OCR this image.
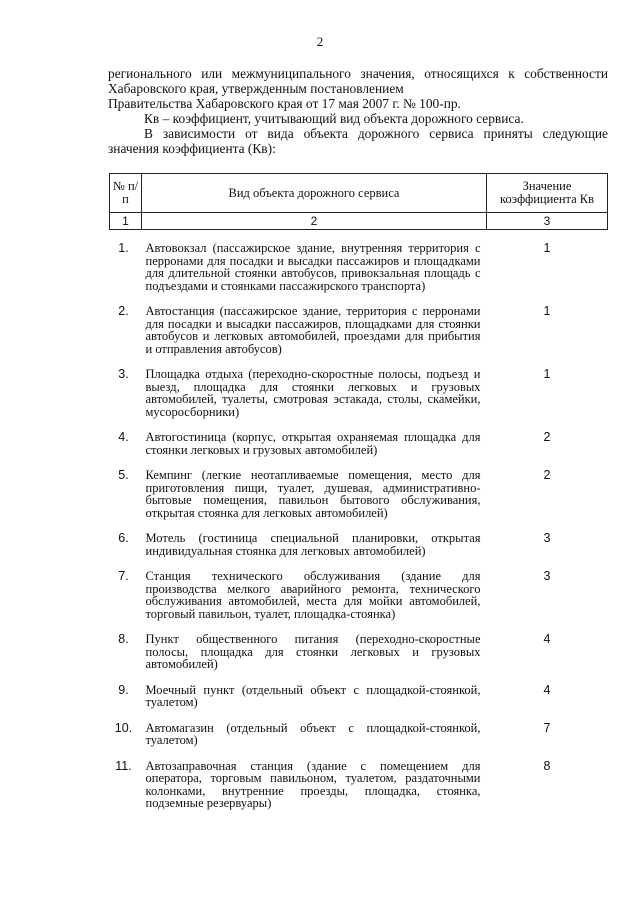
2

регионального или межмуниципального значения, относящихся к собственности Хабаровского края, утвержденным постановлением

Правительства Хабаровского края от 17 мая 2007 г. № 100-пр.

Кв – коэффициент, учитывающий вид объекта дорожного сервиса.

В зависимости от вида объекта дорожного сервиса приняты следующие значения коэффициента (Кв):

№ п/п	Вид объекта дорожного сервиса	Значение коэффициента Кв
1	2	3

1.	Автовокзал (пассажирское здание, внутренняя территория с перронами для посадки и высадки пассажиров и площадками для длительной стоянки автобусов, привокзальная площадь с подъездами и стоянками пассажирского транспорта)	1

2.	Автостанция (пассажирское здание, территория с перронами для посадки и высадки пассажиров, площадками для стоянки автобусов и легковых автомобилей, проездами для прибытия и отправления автобусов)	1

3.	Площадка отдыха (переходно-скоростные полосы, подъезд и выезд, площадка для стоянки легковых и грузовых автомобилей, туалеты, смотровая эстакада, столы, скамейки, мусоросборники)	1

4.	Автогостиница (корпус, открытая охраняемая площадка для стоянки легковых и грузовых автомобилей)	2

5.	Кемпинг (легкие неотапливаемые помещения, место для приготовления пищи, туалет, душевая, административно-бытовые помещения, павильон бытового обслуживания, открытая стоянка для легковых автомобилей)	2

6.	Мотель (гостиница специальной планировки, открытая индивидуальная стоянка для легковых автомобилей)	3

7.	Станция технического обслуживания (здание для производства мелкого аварийного ремонта, технического обслуживания автомобилей, места для мойки автомобилей, торговый павильон, туалет, площадка-стоянка)	3

8.	Пункт общественного питания (переходно-скоростные полосы, площадка для стоянки легковых и грузовых автомобилей)	4

9.	Моечный пункт (отдельный объект с площадкой-стоянкой, туалетом)	4

10.	Автомагазин (отдельный объект с площадкой-стоянкой, туалетом)	7

11.	Автозаправочная станция (здание с помещением для оператора, торговым павильоном, туалетом, раздаточными колонками, внутренние проезды, площадка, стоянка, подземные резервуары)	8
